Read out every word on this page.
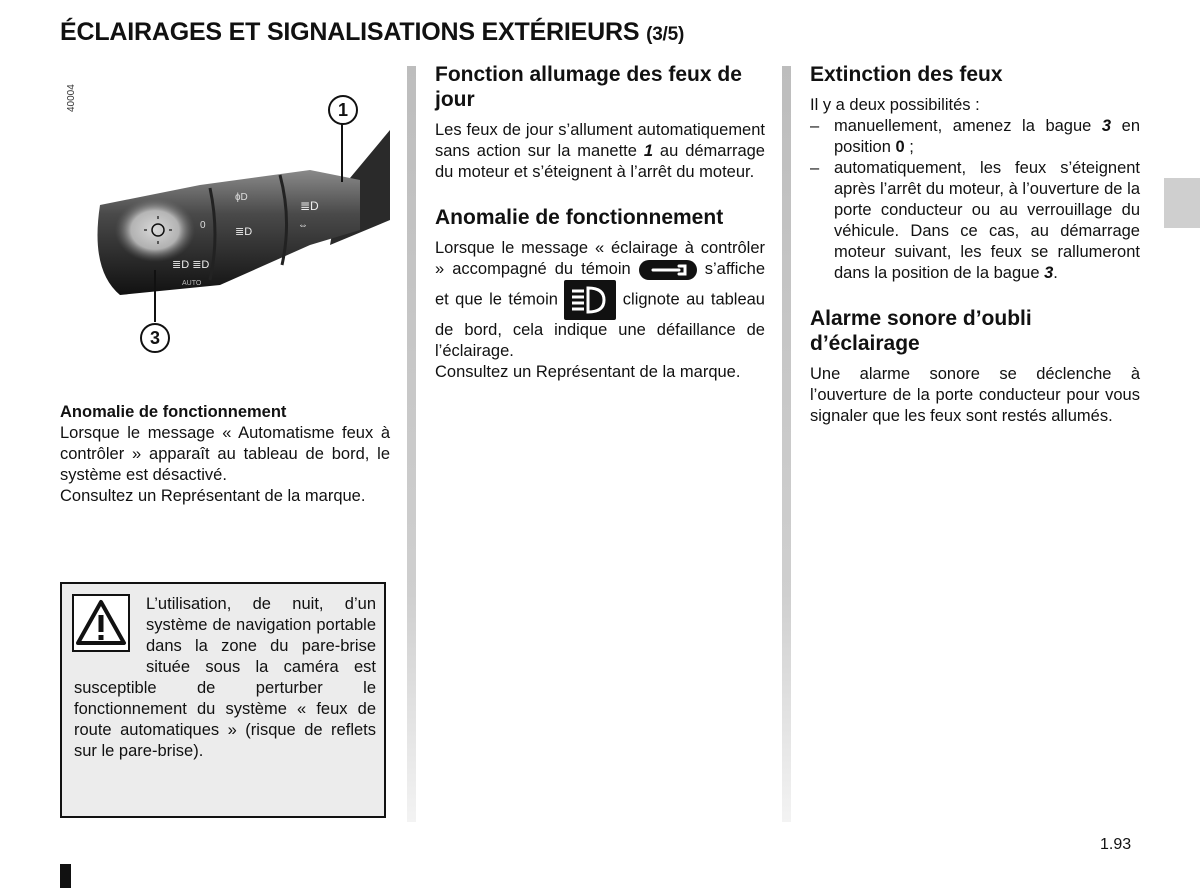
ÉCLAIRAGES ET SIGNALISATIONS EXTÉRIEURS (3/5)
40004
0
AUTO
≣D ≣D
≣D
≣D
⇔
ɸD
1
3

Anomalie de fonctionnement

Lorsque le message « Automatisme feux à contrôler » apparaît au tableau de bord, le système est désactivé.

Consultez un Représentant de la marque.

L’utilisation, de nuit, d’un système de navigation portable dans la zone du pare-brise située sous la caméra est susceptible de perturber le fonctionnement du système « feux de route automatiques » (risque de reflets sur le pare-brise).
Fonction allumage des feux de jour

Les feux de jour s’allument automatiquement sans action sur la manette 1 au démarrage du moteur et s’éteignent à l’arrêt du moteur.

Anomalie de fonctionnement

Lorsque le message « éclairage à contrôler » accompagné du témoin	s’affiche et que le témoin	clignote au tableau de bord, cela indique une défaillance de l’éclairage.

Consultez un Représentant de la marque.

Extinction des feux

Il y a deux possibilités :

– manuellement, amenez la bague 3 en position 0 ;
– automatiquement, les feux s’éteignent après l’arrêt du moteur, à l’ouverture de la porte conducteur ou au verrouillage du véhicule. Dans ce cas, au démarrage moteur suivant, les feux se rallumeront dans la position de la bague 3.
Alarme sonore d’oubli d’éclairage

Une alarme sonore se déclenche à l’ouverture de la porte conducteur pour vous signaler que les feux sont restés allumés.

1.93
